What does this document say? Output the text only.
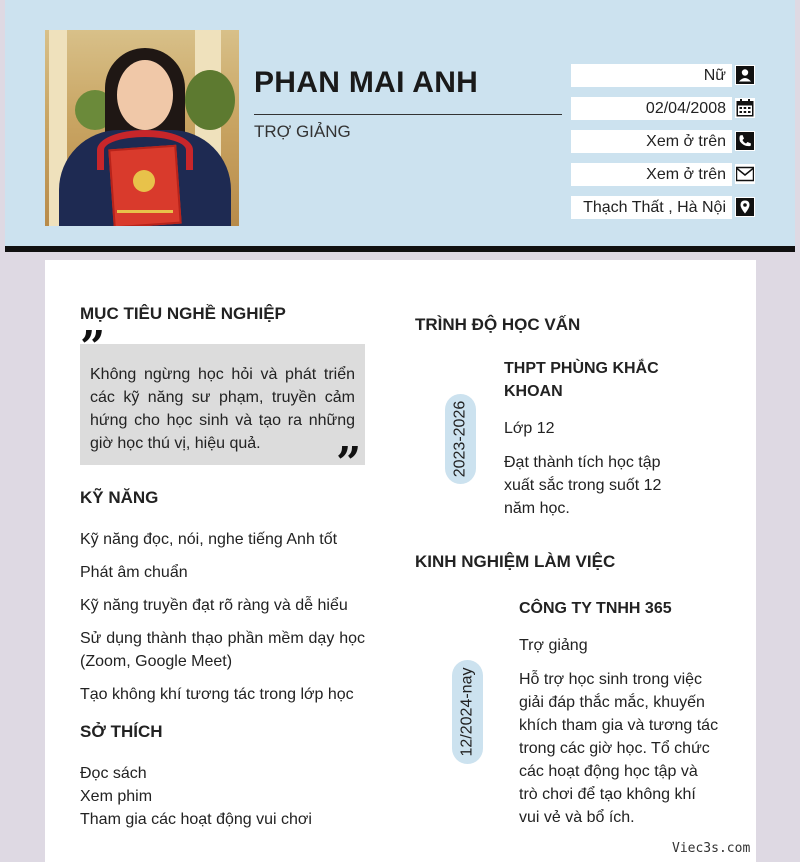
PHAN MAI ANH
TRỢ GIẢNG
Nữ
02/04/2008
Xem ở trên
Xem ở trên
Thạch Thất , Hà Nội
MỤC TIÊU NGHỀ NGHIỆP
Không ngừng học hỏi và phát triển các kỹ năng sư phạm, truyền cảm hứng cho học sinh và tạo ra những giờ học thú vị, hiệu quả.	”
KỸ NĂNG
Kỹ năng đọc, nói, nghe tiếng Anh tốt
Phát âm chuẩn
Kỹ năng truyền đạt rõ ràng và dễ hiểu
Sử dụng thành thạo phần mềm dạy học (Zoom, Google Meet)
Tạo không khí tương tác trong lớp học
SỞ THÍCH
Đọc sách
Xem phim
Tham gia các hoạt động vui chơi
TRÌNH ĐỘ HỌC VẤN
2023-2026
THPT PHÙNG KHẮC KHOAN
Lớp 12
Đạt thành tích học tập xuất sắc trong suốt 12 năm học.
KINH NGHIỆM LÀM VIỆC
12/2024-nay
CÔNG TY TNHH 365
Trợ giảng
Hỗ trợ học sinh trong việc giải đáp thắc mắc, khuyến khích tham gia và tương tác trong các giờ học. Tổ chức các hoạt động học tập và trò chơi để tạo không khí vui vẻ và bổ ích.
Viec3s.com
